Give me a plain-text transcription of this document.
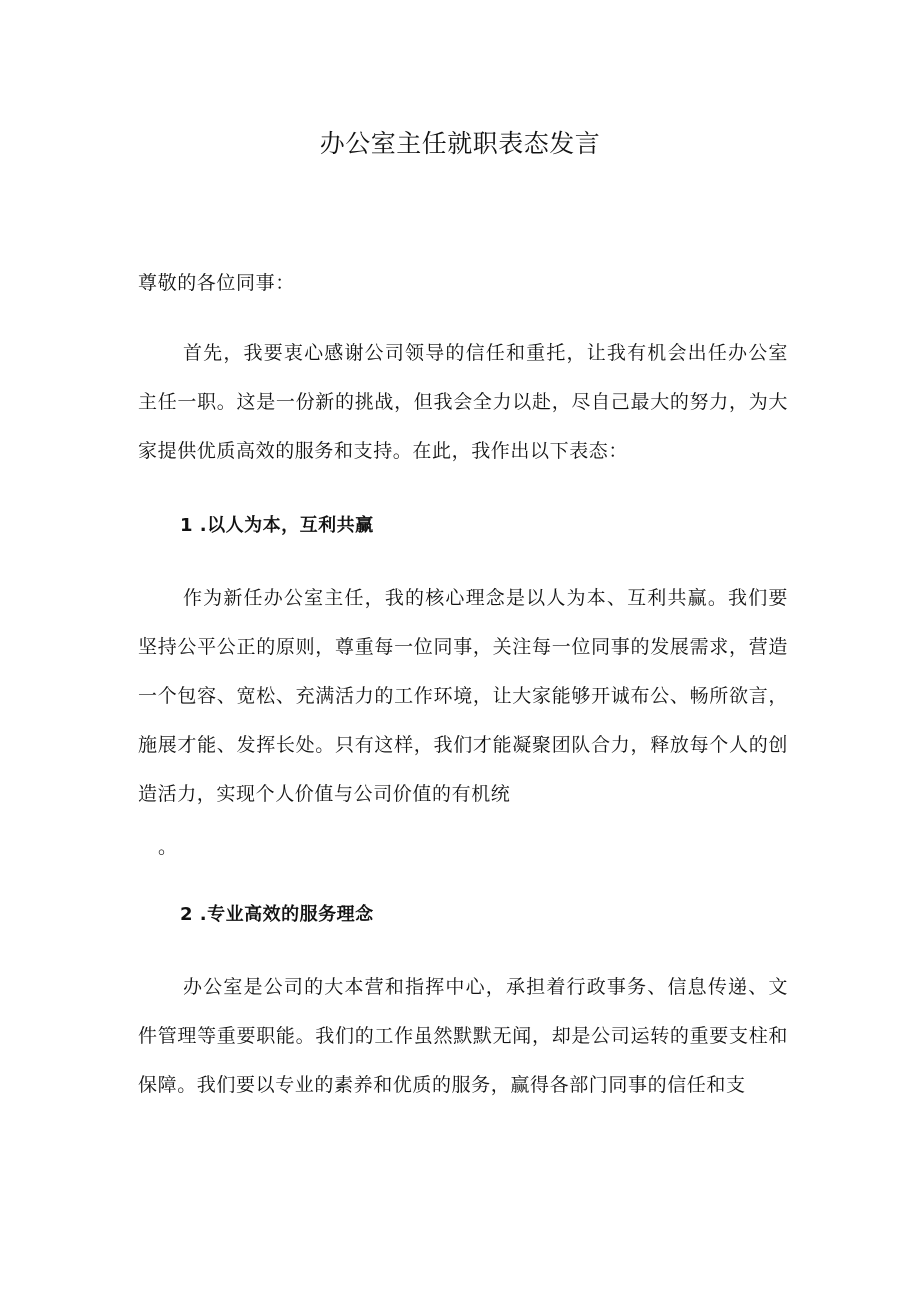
办公室主任就职表态发言
尊敬的各位同事：
首先，我要衷心感谢公司领导的信任和重托，让我有机会出任办公室主任一职。这是一份新的挑战，但我会全力以赴，尽自己最大的努力，为大家提供优质高效的服务和支持。在此，我作出以下表态：
1 .以人为本，互利共赢
作为新任办公室主任，我的核心理念是以人为本、互利共赢。我们要坚持公平公正的原则，尊重每一位同事，关注每一位同事的发展需求，营造一个包容、宽松、充满活力的工作环境，让大家能够开诚布公、畅所欲言，施展才能、发挥长处。只有这样，我们才能凝聚团队合力，释放每个人的创造活力，实现个人价值与公司价值的有机统
。
2 .专业高效的服务理念
办公室是公司的大本营和指挥中心，承担着行政事务、信息传递、文件管理等重要职能。我们的工作虽然默默无闻，却是公司运转的重要支柱和保障。我们要以专业的素养和优质的服务，赢得各部门同事的信任和支
